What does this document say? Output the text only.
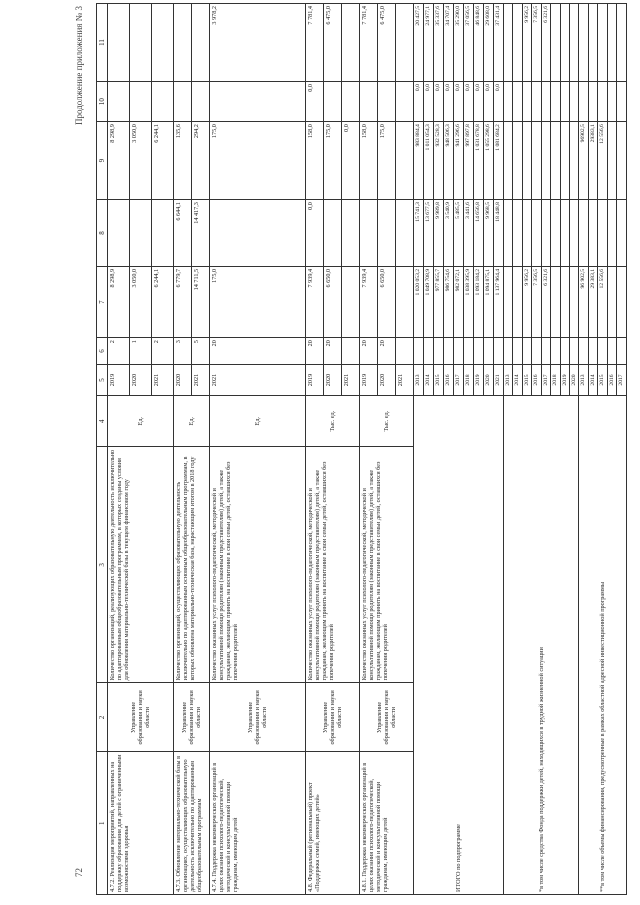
72
Продолжение приложения № 3
1	2	3	4	5	6	7	8	9	10	11
4.7.2. Реализация мероприятий, направленных на поддержку образования для детей с ограниченными возможностями здоровья	Управление образования и науки области	Количество организаций, реализующих образовательную деятельность исключительно по адаптированным общеобразовательным программам, в которых созданы условия для обновления материально-технической базы в текущем финансовом году	Ед.	2019	2	8 298,9		8 298,9		
				2020	1	3 050,0		3 050,0		
				2021	2	6 244,1		6 244,1		
4.7.3. Обновление материально-технической базы в организациях, осуществляющих образовательную деятельность исключительно по адаптированным общеобразовательным программам	Управление образования и науки области	Количество организаций, осуществляющих образовательную деятельность исключительно по адаптированным основным общеобразовательным программам, в которых обновлена материально-техническая база, нарастающим итогом в 2018 году	Ед.	2020	3	6 779,7	6 644,1	135,6		
				2021	5	14 711,5	14 417,3	294,2		
4.7.4. Поддержка некоммерческих организаций в целях оказания психолого-педагогической, методической и консультативной помощи гражданам, имеющим детей	Управление образования и науки области	Количество оказанных услуг психолого-педагогической, методической и консультативной помощи родителям (законным представителям) детей, а также гражданам, желающим принять на воспитание в свои семьи детей, оставшихся без попечения родителей	Ед.	2021	20	175,0		175,0		3 978,2
4.8. Федеральный (региональный) проект «Поддержка семей, имеющих детей»	Управление образования и науки области	Количество оказанных услуг психолого-педагогической, методической и консультативной помощи родителям (законным представителям) детей, а также гражданам, желающим принять на воспитание в свои семьи детей, оставшихся без попечения родителей	Тыс. ед.	2019	20	7 939,4	0,0	158,0	0,0	7 781,4
				2020	20	6 650,0		175,0		6 475,0
				2021				0,0		
4.8.1. Поддержка некоммерческих организаций в целях оказания психолого-педагогической, методической и консультативной помощи гражданам, имеющим детей	Управление образования и науки области	Количество оказанных услуг психолого-педагогической, методической и консультативной помощи родителям (законным представителям) детей, а также гражданам, желающим принять на воспитание в свои семьи детей, оставшихся без попечения родителей	Тыс. ед.	2019	20	7 939,4		158,0		7 781,4
				2020	20	6 650,0		175,0		6 475,0
				2021						
ИТОГО по подпрограмме				2013		1 020 053,2	15 741,3	983 884,4	0,0	20 427,5
				2014		1 049 708,9	13 677,5	1 011 054,3	0,0	24 977,1
				2015		977 855,7	9 989,8	932 528,3	0,0	35 337,6
				2016		986 754,6	3 540,9	948 506,3	0,0	34 707,4
				2017		982 072,1	5 485,5	941 296,6	0,0	35 290,0
				2018		1 038 395,9	3 441,6	997 897,8	0,0	37 056,5
				2019		1 093 184,2	14 656,8	1 031 678,8	0,0	46 848,6
				2020		1 094 875,1	9 968,5	1 055 298,6	0,0	29 608,0
				2021		1 137 964,4	18 448,8	1 081 684,2	0,0	37 431,4
*в том числе средства Фонда поддержки детей, находящихся в трудной жизненной ситуации				2013						
				2014						
				2015		9 956,2				9 956,2
				2016		7 356,5				7 356,5
				2017		6 321,6				6 321,6
				2018						
				2019						
				2020						
**в том числе объемы финансирования, предусмотренные в рамках областной адресной инвестиционной программы				2013		96 902,5		96902,5		
				2014		29 383,1		29383,1		
				2015		12 556,6		12 556,6		
				2016						
				2017						
